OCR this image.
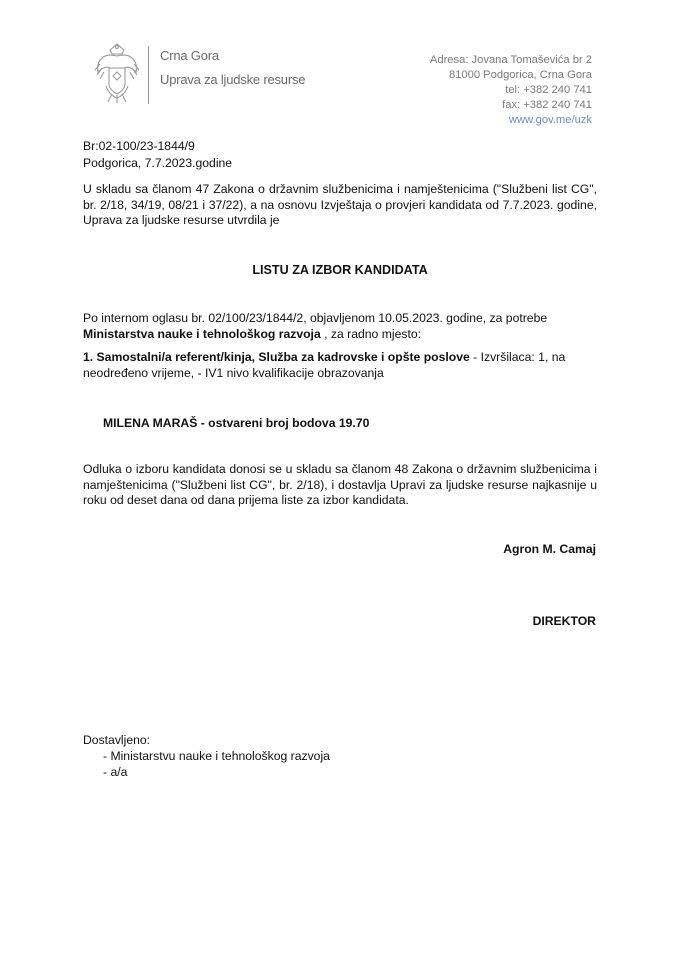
Crna Gora
Uprava za ljudske resurse
Adresa: Jovana Tomaševića br 2
81000 Podgorica, Crna Gora
tel: +382 240 741
fax: +382 240 741
www.gov.me/uzk
Br:02-100/23-1844/9
Podgorica, 7.7.2023.godine
U skladu sa članom 47 Zakona o državnim službenicima i namještenicima ("Službeni list CG", br. 2/18, 34/19, 08/21 i 37/22), a na osnovu Izvještaja o provjeri kandidata od 7.7.2023. godine, Uprava za ljudske resurse utvrdila je
LISTU ZA IZBOR KANDIDATA
Po internom oglasu br. 02/100/23/1844/2, objavljenom 10.05.2023. godine, za potrebe
Ministarstva nauke i tehnološkog razvoja , za radno mjesto:
1. Samostalni/a referent/kinja, Služba za kadrovske i opšte poslove - Izvršilaca: 1, na neodređeno vrijeme, - IV1 nivo kvalifikacije obrazovanja
MILENA MARAŠ - ostvareni broj bodova 19.70
Odluka o izboru kandidata donosi se u skladu sa članom 48 Zakona o državnim službenicima i namještenicima ("Službeni list CG", br. 2/18), i dostavlja Upravi za ljudske resurse najkasnije u roku od deset dana od dana prijema liste za izbor kandidata.
Agron M. Camaj
DIREKTOR
Dostavljeno:
- Ministarstvu nauke i tehnološkog razvoja
- a/a
